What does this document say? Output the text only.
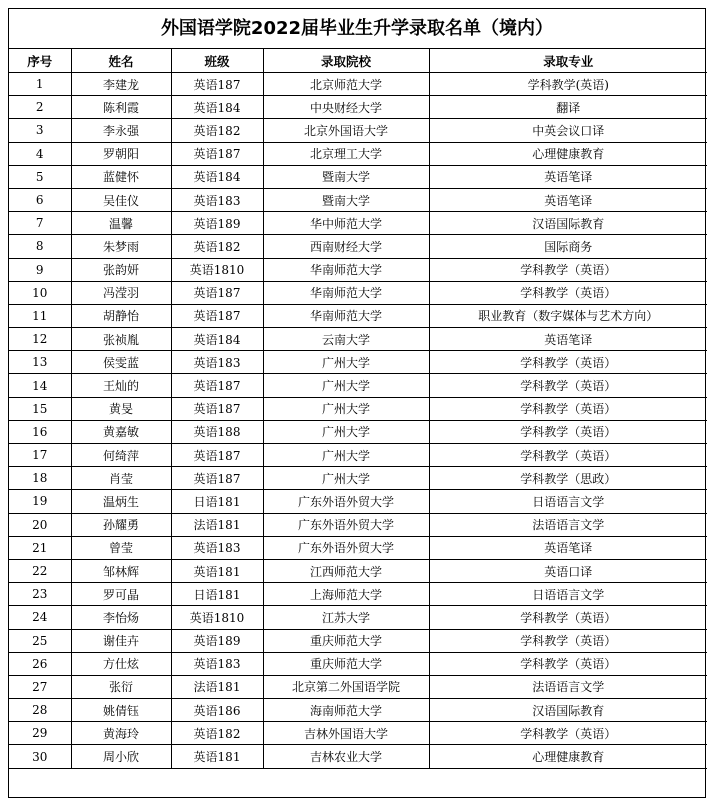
外国语学院2022届毕业生升学录取名单（境内）
序号	姓名	班级	录取院校	录取专业
1	李建龙	英语187	北京师范大学	学科教学(英语)
2	陈利霞	英语184	中央财经大学	翻译
3	李永强	英语182	北京外国语大学	中英会议口译
4	罗朝阳	英语187	北京理工大学	心理健康教育
5	蓝健怀	英语184	暨南大学	英语笔译
6	吴佳仪	英语183	暨南大学	英语笔译
7	温馨	英语189	华中师范大学	汉语国际教育
8	朱梦雨	英语182	西南财经大学	国际商务
9	张韵妍	英语1810	华南师范大学	学科教学（英语）
10	冯滢羽	英语187	华南师范大学	学科教学（英语）
11	胡静怡	英语187	华南师范大学	职业教育（数字媒体与艺术方向）
12	张祯胤	英语184	云南大学	英语笔译
13	侯雯蓝	英语183	广州大学	学科教学（英语）
14	王灿的	英语187	广州大学	学科教学（英语）
15	黄旻	英语187	广州大学	学科教学（英语）
16	黄嘉敏	英语188	广州大学	学科教学（英语）
17	何绮萍	英语187	广州大学	学科教学（英语）
18	肖莹	英语187	广州大学	学科教学（思政）
19	温炳生	日语181	广东外语外贸大学	日语语言文学
20	孙耀勇	法语181	广东外语外贸大学	法语语言文学
21	曾莹	英语183	广东外语外贸大学	英语笔译
22	邹林辉	英语181	江西师范大学	英语口译
23	罗可晶	日语181	上海师范大学	日语语言文学
24	李怡炀	英语1810	江苏大学	学科教学（英语）
25	谢佳卉	英语189	重庆师范大学	学科教学（英语）
26	方仕炫	英语183	重庆师范大学	学科教学（英语）
27	张衍	法语181	北京第二外国语学院	法语语言文学
28	姚倩钰	英语186	海南师范大学	汉语国际教育
29	黄海玲	英语182	吉林外国语大学	学科教学（英语）
30	周小欣	英语181	吉林农业大学	心理健康教育
